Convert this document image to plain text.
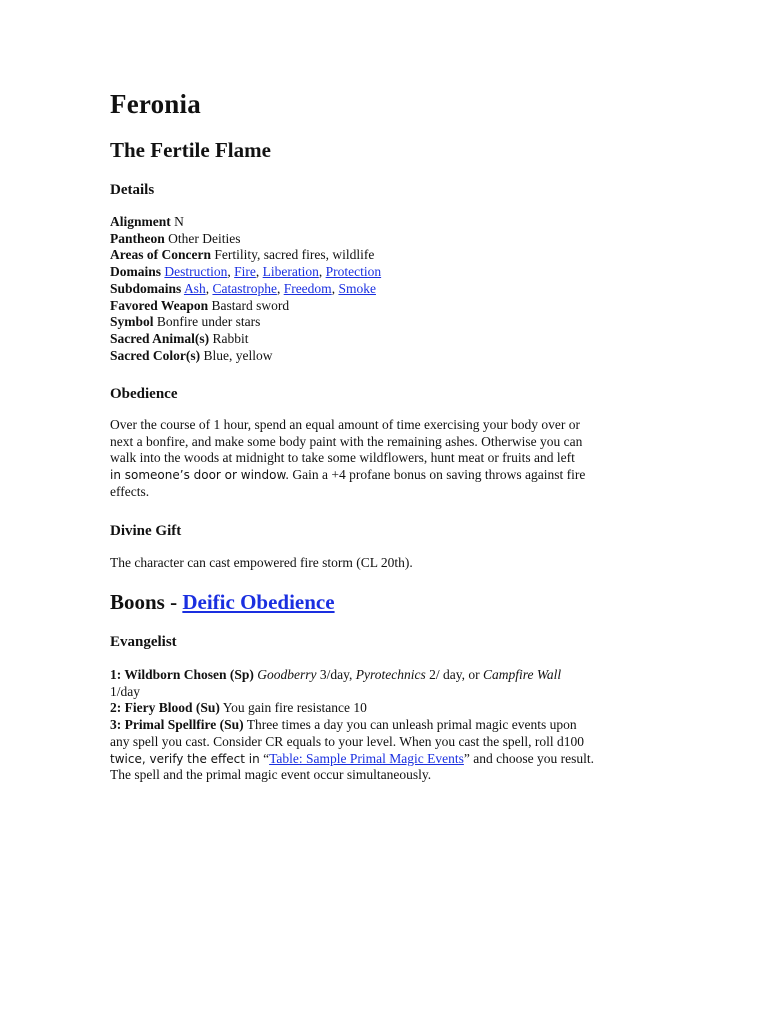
Feronia
The Fertile Flame
Details
Alignment N
Pantheon Other Deities
Areas of Concern Fertility, sacred fires, wildlife
Domains Destruction, Fire, Liberation, Protection
Subdomains Ash, Catastrophe, Freedom, Smoke
Favored Weapon Bastard sword
Symbol Bonfire under stars
Sacred Animal(s) Rabbit
Sacred Color(s) Blue, yellow
Obedience
Over the course of 1 hour, spend an equal amount of time exercising your body over or
next a bonfire, and make some body paint with the remaining ashes. Otherwise you can
walk into the woods at midnight to take some wildflowers, hunt meat or fruits and left
in someone’s door or window. Gain a +4 profane bonus on saving throws against fire
effects.
Divine Gift
The character can cast empowered fire storm (CL 20th).
Boons - Deific Obedience
Evangelist
1: Wildborn Chosen (Sp) Goodberry 3/day, Pyrotechnics 2/ day, or Campfire Wall
1/day
2: Fiery Blood (Su) You gain fire resistance 10
3: Primal Spellfire (Su) Three times a day you can unleash primal magic events upon
any spell you cast. Consider CR equals to your level. When you cast the spell, roll d100
twice, verify the effect in “Table: Sample Primal Magic Events” and choose you result.
The spell and the primal magic event occur simultaneously.
